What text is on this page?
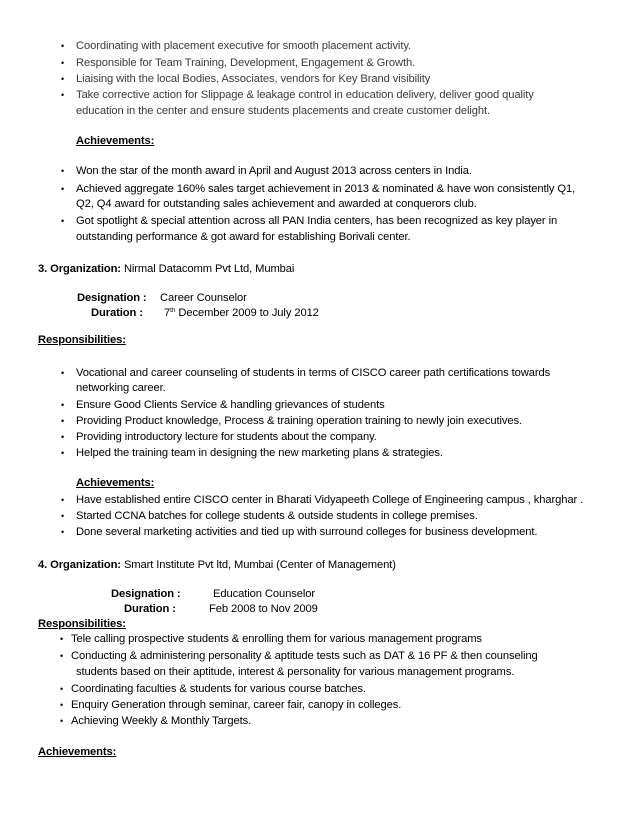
• Coordinating with placement executive for smooth placement activity.
• Responsible for Team Training, Development, Engagement & Growth.
• Liaising with the local Bodies, Associates, vendors for Key Brand visibility
• Take corrective action for Slippage & leakage control in education delivery, deliver good quality
education in the center and ensure students placements and create customer delight.
Achievements:
• Won the star of the month award in April and August 2013 across centers in India.
• Achieved aggregate 160% sales target achievement in 2013 & nominated & have won consistently Q1,
Q2, Q4 award for outstanding sales achievement and awarded at conquerors club.
• Got spotlight & special attention across all PAN India centers, has been recognized as key player in
outstanding performance & got award for establishing Borivali center.
3. Organization: Nirmal Datacomm Pvt Ltd, Mumbai
Designation : Career Counselor
Duration : 7th December 2009 to July 2012
Responsibilities:
• Vocational and career counseling of students in terms of CISCO career path certifications towards
networking career.
• Ensure Good Clients Service & handling grievances of students
• Providing Product knowledge, Process & training operation training to newly join executives.
• Providing introductory lecture for students about the company.
• Helped the training team in designing the new marketing plans & strategies.
Achievements:
• Have established entire CISCO center in Bharati Vidyapeeth College of Engineering campus , kharghar .
• Started CCNA batches for college students & outside students in college premises.
• Done several marketing activities and tied up with surround colleges for business development.
4. Organization: Smart Institute Pvt ltd, Mumbai (Center of Management)
Designation :	Education Counselor
Duration :	Feb 2008 to Nov 2009
Responsibilities:
• Tele calling prospective students & enrolling them for various management programs
• Conducting & administering personality & aptitude tests such as DAT & 16 PF & then counseling
students based on their aptitude, interest & personality for various management programs.
• Coordinating faculties & students for various course batches.
• Enquiry Generation through seminar, career fair, canopy in colleges.
• Achieving Weekly & Monthly Targets.
Achievements:
